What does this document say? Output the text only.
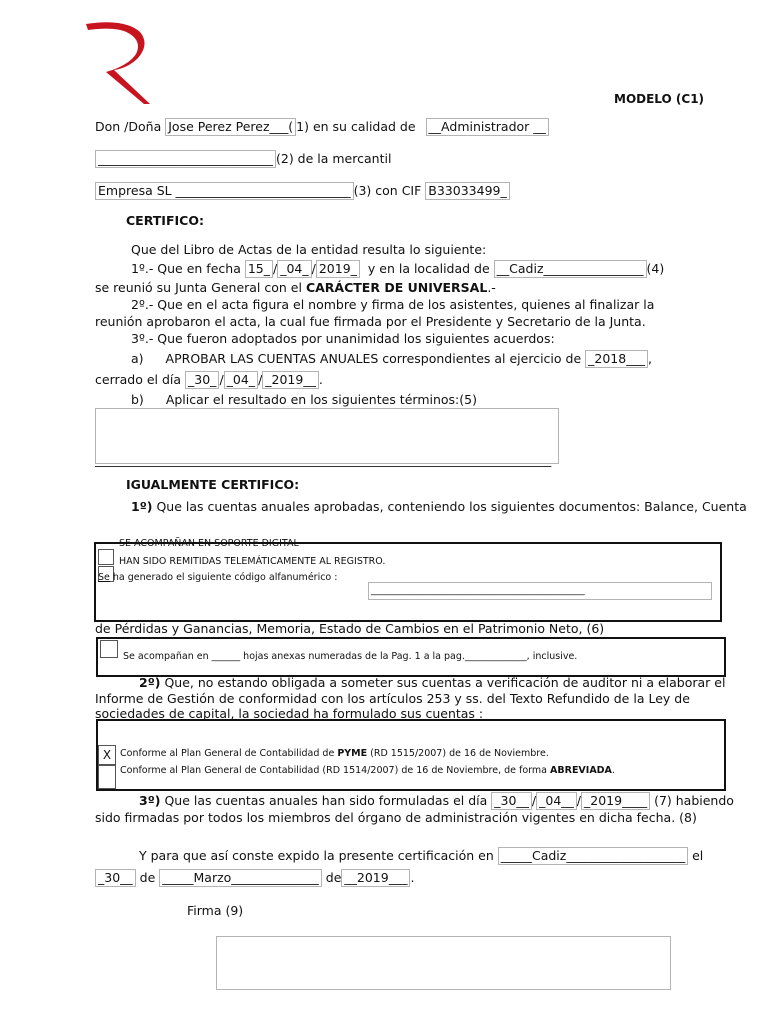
MODELO (C1)
Don /Doña Jose Perez Perez___( 1) en su calidad de __Administrador __
____________________________ (2) de la mercantil
Empresa SL ____________________________ (3) con CIF B33033499_
CERTIFICO:
Que del Libro de Actas de la entidad resulta lo siguiente:
1º.- Que en fecha 15_ / _04_ / 2019_ y en la localidad de __Cadiz________________ (4)
se reunió su Junta General con el CARÁCTER DE UNIVERSAL.-
2º.- Que en el acta figura el nombre y firma de los asistentes, quienes al finalizar la
reunión aprobaron el acta, la cual fue firmada por el Presidente y Secretario de la Junta.
3º.- Que fueron adoptados por unanimidad los siguientes acuerdos:
a) APROBAR LAS CUENTAS ANUALES correspondientes al ejercicio de _2018___ ,
cerrado el día _30_ / _04_ / _2019__ .
b) Aplicar el resultado en los siguientes términos:(5)
_________________________________________________________________________
IGUALMENTE CERTIFICO:
1º) Que las cuentas anuales aprobadas, conteniendo los siguientes documentos: Balance, Cuenta
SE ACOMPAÑAN EN SOPORTE DIGITAL
HAN SIDO REMITIDAS TELEMÁTICAMENTE AL REGISTRO.
Se ha generado el siguiente código alfanumérico :
_____________________________________________
de Pérdidas y Ganancias, Memoria, Estado de Cambios en el Patrimonio Neto, (6)
Se acompañan en ______ hojas anexas numeradas de la Pag. 1 a la pag._____________, inclusive.
2º) Que, no estando obligada a someter sus cuentas a verificación de auditor ni a elaborar el
Informe de Gestión de conformidad con los artículos 253 y ss. del Texto Refundido de la Ley de
sociedades de capital, la sociedad ha formulado sus cuentas :
X Conforme al Plan General de Contabilidad de PYME (RD 1515/2007) de 16 de Noviembre.
Conforme al Plan General de Contabilidad (RD 1514/2007) de 16 de Noviembre, de forma ABREVIADA.
3º) Que las cuentas anuales han sido formuladas el día _30__ / _04__ / _2019____ (7) habiendo
sido firmadas por todos los miembros del órgano de administración vigentes en dicha fecha. (8)
Y para que así conste expido la presente certificación en _____Cadiz___________________ el
_30__ de _____Marzo______________ de __2019___ .
Firma (9)
